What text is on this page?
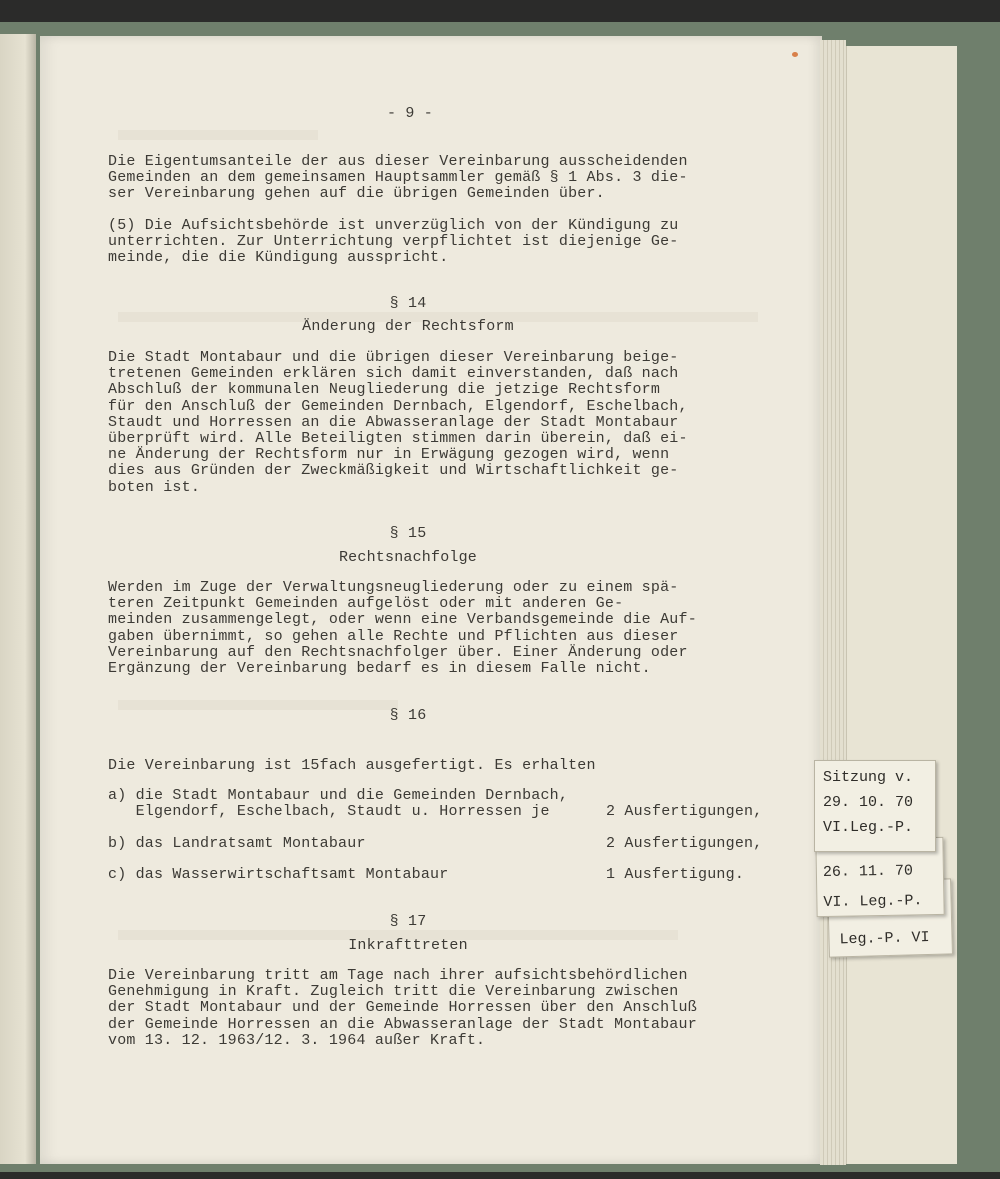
- 9 -
Die Eigentumsanteile der aus dieser Vereinbarung ausscheidenden
Gemeinden an dem gemeinsamen Hauptsammler gemäß § 1 Abs. 3 die-
ser Vereinbarung gehen auf die übrigen Gemeinden über.
(5) Die Aufsichtsbehörde ist unverzüglich von der Kündigung zu
unterrichten. Zur Unterrichtung verpflichtet ist diejenige Ge-
meinde, die die Kündigung ausspricht.
§ 14
Änderung der Rechtsform
Die Stadt Montabaur und die übrigen dieser Vereinbarung beige-
tretenen Gemeinden erklären sich damit einverstanden, daß nach
Abschluß der kommunalen Neugliederung die jetzige Rechtsform
für den Anschluß der Gemeinden Dernbach, Elgendorf, Eschelbach,
Staudt und Horressen an die Abwasseranlage der Stadt Montabaur
überprüft wird. Alle Beteiligten stimmen darin überein, daß ei-
ne Änderung der Rechtsform nur in Erwägung gezogen wird, wenn
dies aus Gründen der Zweckmäßigkeit und Wirtschaftlichkeit ge-
boten ist.
§ 15
Rechtsnachfolge
Werden im Zuge der Verwaltungsneugliederung oder zu einem spä-
teren Zeitpunkt Gemeinden aufgelöst oder mit anderen Ge-
meinden zusammengelegt, oder wenn eine Verbandsgemeinde die Auf-
gaben übernimmt, so gehen alle Rechte und Pflichten aus dieser
Vereinbarung auf den Rechtsnachfolger über. Einer Änderung oder
Ergänzung der Vereinbarung bedarf es in diesem Falle nicht.
§ 16
Die Vereinbarung ist 15fach ausgefertigt. Es erhalten
a) die Stadt Montabaur und die Gemeinden Dernbach,
Elgendorf, Eschelbach, Staudt u. Horressen je	2 Ausfertigungen,
b) das Landratsamt Montabaur	2 Ausfertigungen,
c) das Wasserwirtschaftsamt Montabaur	1 Ausfertigung.
§ 17
Inkrafttreten
Die Vereinbarung tritt am Tage nach ihrer aufsichtsbehördlichen
Genehmigung in Kraft. Zugleich tritt die Vereinbarung zwischen
der Stadt Montabaur und der Gemeinde Horressen über den Anschluß
der Gemeinde Horressen an die Abwasseranlage der Stadt Montabaur
vom 13. 12. 1963/12. 3. 1964 außer Kraft.
Leg.-P. VI
26. 11. 70
VI. Leg.-P.
Sitzung v.
29. 10. 70
VI.Leg.-P.
